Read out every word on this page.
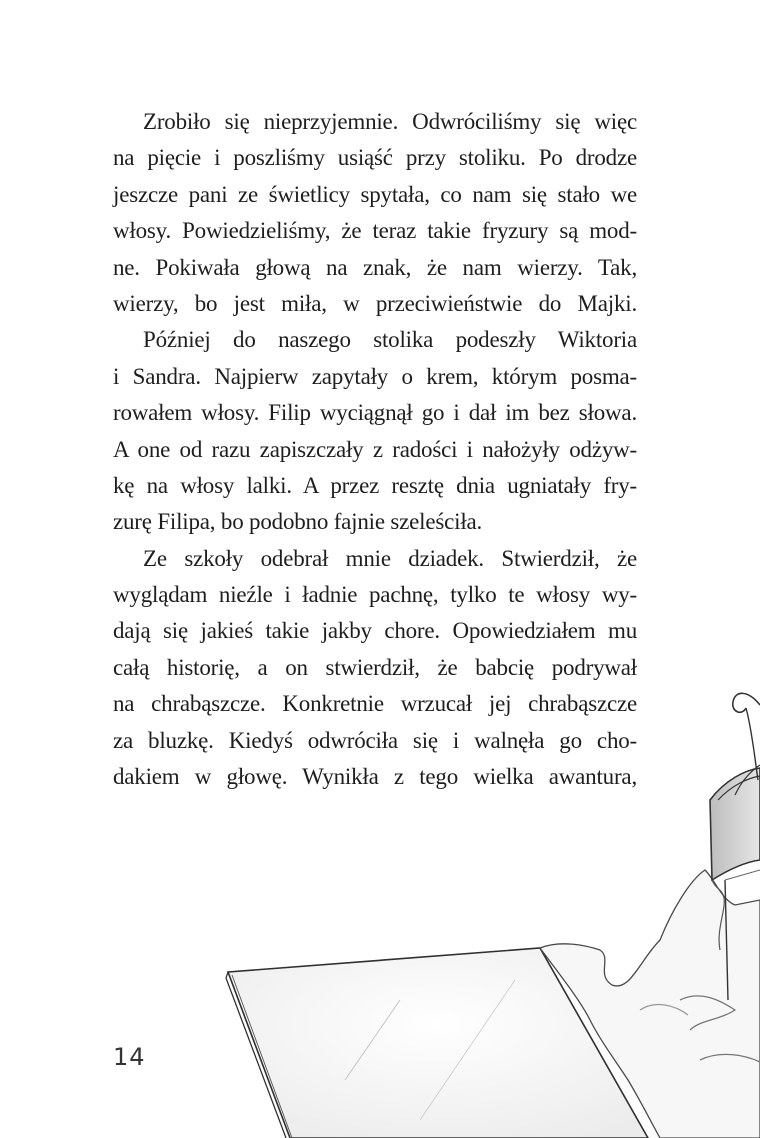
Zrobiło się nieprzyjemnie. Odwróciliśmy się więc
na pięcie i poszliśmy usiąść przy stoliku. Po drodze
jeszcze pani ze świetlicy spytała, co nam się stało we
włosy. Powiedzieliśmy, że teraz takie fryzury są mod-
ne. Pokiwała głową na znak, że nam wierzy. Tak,
wierzy, bo jest miła, w przeciwieństwie do Majki.
Później do naszego stolika podeszły Wiktoria
i Sandra. Najpierw zapytały o krem, którym posma-
rowałem włosy. Filip wyciągnął go i dał im bez słowa.
A one od razu zapiszczały z radości i nałożyły odżyw-
kę na włosy lalki. A przez resztę dnia ugniatały fry-
zurę Filipa, bo podobno fajnie szeleściła.
Ze szkoły odebrał mnie dziadek. Stwierdził, że
wyglądam nieźle i ładnie pachnę, tylko te włosy wy-
dają się jakieś takie jakby chore. Opowiedziałem mu
całą historię, a on stwierdził, że babcię podrywał
na chrabąszcze. Konkretnie wrzucał jej chrabąszcze
za bluzkę. Kiedyś odwróciła się i walnęła go cho-
dakiem w głowę. Wynikła z tego wielka awantura,
14
